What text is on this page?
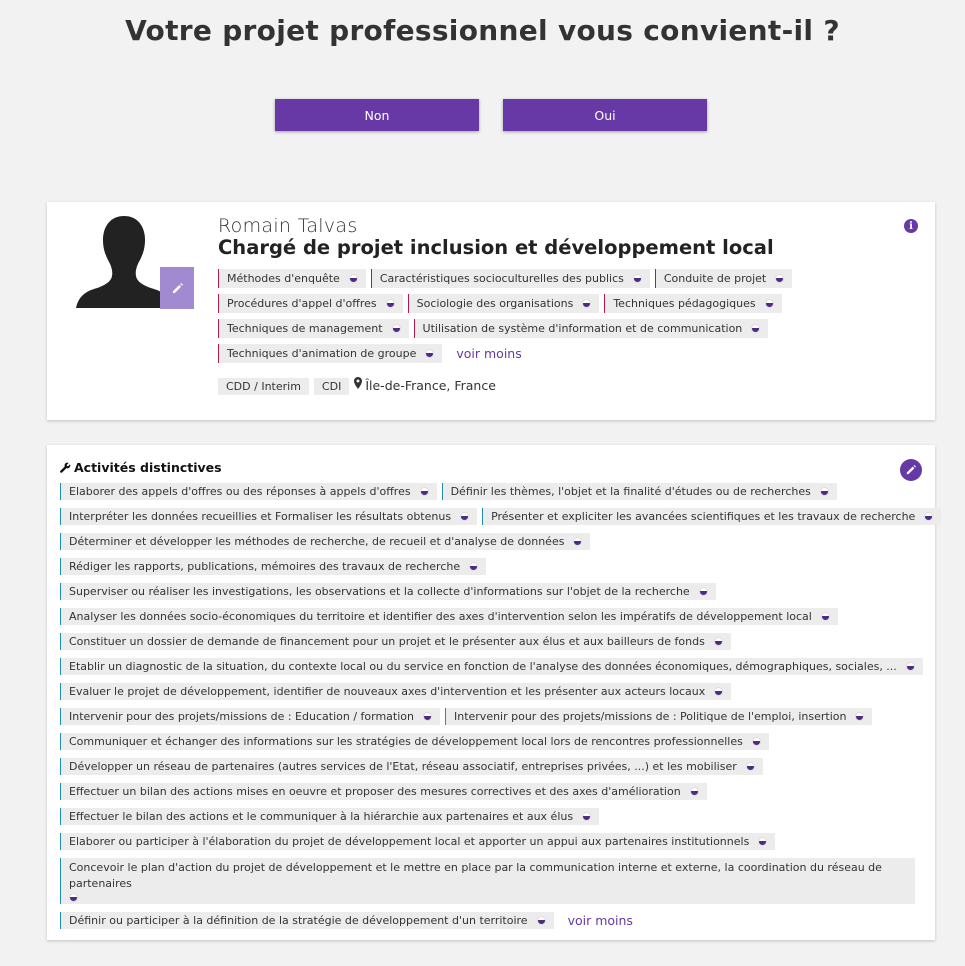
Votre projet professionnel vous convient-il ?
Non	Oui
Romain Talvas
Chargé de projet inclusion et développement local
i
Méthodes d'enquête	Caractéristiques socioculturelles des publics	Conduite de projet
Procédures d'appel d'offres	Sociologie des organisations	Techniques pédagogiques
Techniques de management	Utilisation de système d'information et de communication
Techniques d'animation de groupe	voir moins
CDD / Interim	CDI	Île-de-France, France
Activités distinctives
Elaborer des appels d'offres ou des réponses à appels d'offres	Définir les thèmes, l'objet et la finalité d'études ou de recherches
Interpréter les données recueillies et Formaliser les résultats obtenus	Présenter et expliciter les avancées scientifiques et les travaux de recherche
Déterminer et développer les méthodes de recherche, de recueil et d'analyse de données
Rédiger les rapports, publications, mémoires des travaux de recherche
Superviser ou réaliser les investigations, les observations et la collecte d'informations sur l'objet de la recherche
Analyser les données socio-économiques du territoire et identifier des axes d'intervention selon les impératifs de développement local
Constituer un dossier de demande de financement pour un projet et le présenter aux élus et aux bailleurs de fonds
Etablir un diagnostic de la situation, du contexte local ou du service en fonction de l'analyse des données économiques, démographiques, sociales, ...
Evaluer le projet de développement, identifier de nouveaux axes d'intervention et les présenter aux acteurs locaux
Intervenir pour des projets/missions de : Education / formation	Intervenir pour des projets/missions de : Politique de l'emploi, insertion
Communiquer et échanger des informations sur les stratégies de développement local lors de rencontres professionnelles
Développer un réseau de partenaires (autres services de l'Etat, réseau associatif, entreprises privées, ...) et les mobiliser
Effectuer un bilan des actions mises en oeuvre et proposer des mesures correctives et des axes d'amélioration
Effectuer le bilan des actions et le communiquer à la hiérarchie aux partenaires et aux élus
Elaborer ou participer à l'élaboration du projet de développement local et apporter un appui aux partenaires institutionnels
Concevoir le plan d'action du projet de développement et le mettre en place par la communication interne et externe, la coordination du réseau de partenaires
Définir ou participer à la définition de la stratégie de développement d'un territoire	voir moins
